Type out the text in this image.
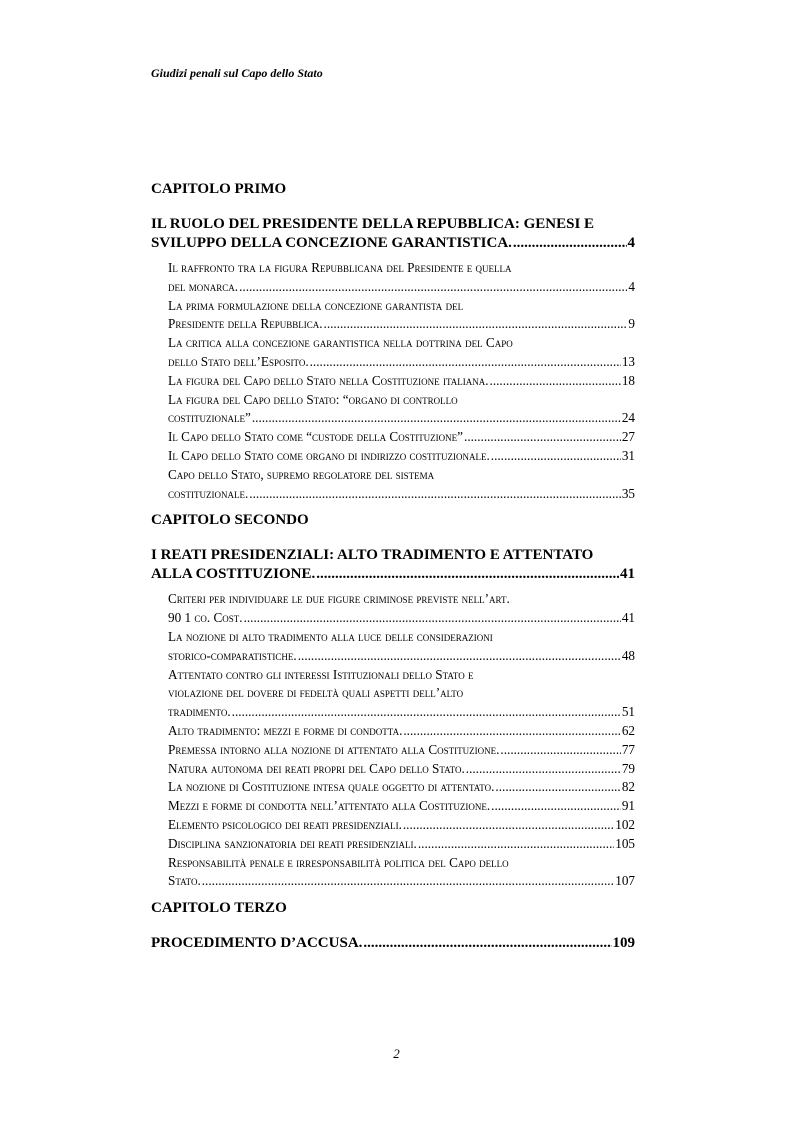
Giudizi penali sul Capo dello Stato
CAPITOLO PRIMO
IL RUOLO DEL PRESIDENTE DELLA REPUBBLICA: GENESI E
SVILUPPO DELLA CONCEZIONE GARANTISTICA. .....	4
Il raffronto tra la figura Repubblicana del Presidente e quella
del monarca. .....	4
La prima formulazione della concezione garantista del
Presidente della Repubblica. .....	9
La critica alla concezione garantistica nella dottrina del Capo
dello Stato dell’Esposito. .....	13
La figura del Capo dello Stato nella Costituzione italiana. .....	18
La figura del Capo dello Stato: “organo di controllo
costituzionale” .....	24
Il Capo dello Stato come “custode della Costituzione” .....	27
Il Capo dello Stato come organo di indirizzo costituzionale. .....	31
Capo dello Stato, supremo regolatore del sistema
costituzionale. .....	35
CAPITOLO SECONDO
I REATI PRESIDENZIALI: ALTO TRADIMENTO E ATTENTATO
ALLA COSTITUZIONE. .....	41
Criteri per individuare le due figure criminose previste nell’art.
90 1 co. Cost. .....	41
La nozione di alto tradimento alla luce delle considerazioni
storico-comparatistiche. .....	48
Attentato contro gli interessi Istituzionali dello Stato e
violazione del dovere di fedeltà quali aspetti dell’alto
tradimento. .....	51
Alto tradimento: mezzi e forme di condotta. .....	62
Premessa intorno alla nozione di attentato alla Costituzione. .....	77
Natura autonoma dei reati propri del Capo dello Stato. .....	79
La nozione di Costituzione intesa quale oggetto di attentato. .....	82
Mezzi e forme di condotta nell’attentato alla Costituzione. .....	91
Elemento psicologico dei reati presidenziali. .....	102
Disciplina sanzionatoria dei reati presidenziali. .....	105
Responsabilità penale e irresponsabilità politica del Capo dello
Stato. .....	107
CAPITOLO TERZO
PROCEDIMENTO D’ACCUSA. .....	109
2
